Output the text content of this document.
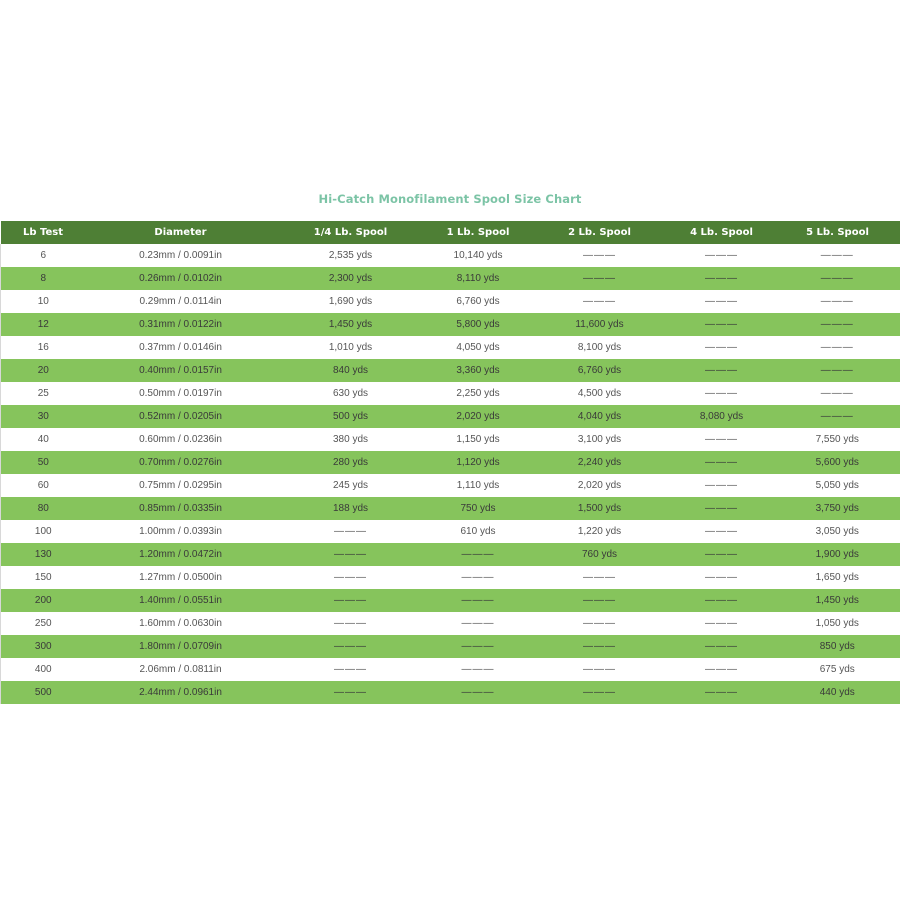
Hi-Catch Monofilament Spool Size Chart
Lb Test	Diameter	1/4 Lb. Spool	1 Lb. Spool	2 Lb. Spool	4 Lb. Spool	5 Lb. Spool
6	0.23mm / 0.0091in	2,535 yds	10,140 yds	———	———	———
8	0.26mm / 0.0102in	2,300 yds	8,110 yds	———	———	———
10	0.29mm / 0.0114in	1,690 yds	6,760 yds	———	———	———
12	0.31mm / 0.0122in	1,450 yds	5,800 yds	11,600 yds	———	———
16	0.37mm / 0.0146in	1,010 yds	4,050 yds	8,100 yds	———	———
20	0.40mm / 0.0157in	840 yds	3,360 yds	6,760 yds	———	———
25	0.50mm / 0.0197in	630 yds	2,250 yds	4,500 yds	———	———
30	0.52mm / 0.0205in	500 yds	2,020 yds	4,040 yds	8,080 yds	———
40	0.60mm / 0.0236in	380 yds	1,150 yds	3,100 yds	———	7,550 yds
50	0.70mm / 0.0276in	280 yds	1,120 yds	2,240 yds	———	5,600 yds
60	0.75mm / 0.0295in	245 yds	1,110 yds	2,020 yds	———	5,050 yds
80	0.85mm / 0.0335in	188 yds	750 yds	1,500 yds	———	3,750 yds
100	1.00mm / 0.0393in	———	610 yds	1,220 yds	———	3,050 yds
130	1.20mm / 0.0472in	———	———	760 yds	———	1,900 yds
150	1.27mm / 0.0500in	———	———	———	———	1,650 yds
200	1.40mm / 0.0551in	———	———	———	———	1,450 yds
250	1.60mm / 0.0630in	———	———	———	———	1,050 yds
300	1.80mm / 0.0709in	———	———	———	———	850 yds
400	2.06mm / 0.0811in	———	———	———	———	675 yds
500	2.44mm / 0.0961in	———	———	———	———	440 yds
